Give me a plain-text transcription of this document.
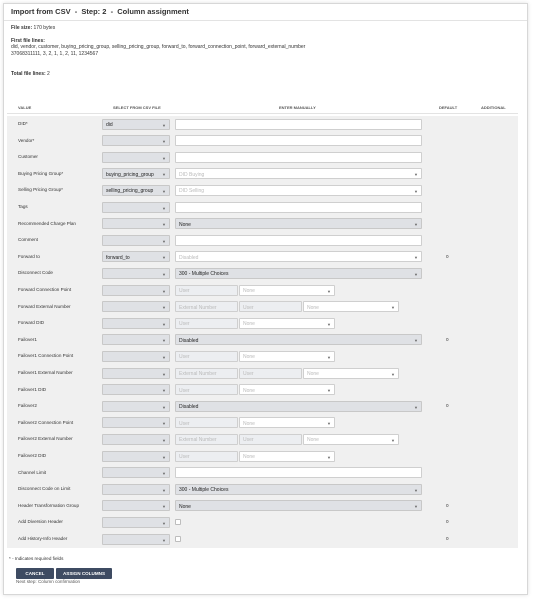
Import from CSV  -  Step: 2  -  Column assignment
File size: 170 bytes
First file lines:
did, vendor, customer, buying_pricing_group, selling_pricing_group, forward_to, forward_connection_point, forward_external_number
37068311111, 3, 2, 1, 1, 2, 11, 1234567
Total file lines: 2
VALUE	SELECT FROM CSV FILE	ENTER MANUALLY	DEFAULT	ADDITIONAL
DID*	did	▼
Vendor*	▼
Customer	▼
Buying Pricing Group*	buying_pricing_group ▼	DID Buying	▼
Selling Pricing Group*	selling_pricing_group ▼	DID Selling	▼
Tags	▼
Recommended Charge Plan	▼	None	▼
Comment	▼
Forward to	forward_to	▼	Disabled	▼	0
Disconnect Code	▼	300 - Multiple Choices	▼
Forward Connection Point	▼	User	None	▼
Forward External Number	▼	External Number	User	None	▼
Forward DID	▼	User	None	▼
Failover1	▼	Disabled	▼	0
Failover1 Connection Point	▼	User	None	▼
Failover1 External Number	▼	External Number	User	None	▼
Failover1 DID	▼	User	None	▼
Failover2	▼	Disabled	▼	0
Failover2 Connection Point	▼	User	None	▼
Failover2 External Number	▼	External Number	User	None	▼
Failover2 DID	▼	User	None	▼
Channel Limit	▼
Disconnect Code on Limit	▼	300 - Multiple Choices	▼
Header Transformation Group	▼	None	▼	0
Add Diversion Header	▼	0
Add History-Info Header	▼	0
* - Indicates required fields
CANCEL	ASSIGN COLUMNS
Next step: Column confirmation
